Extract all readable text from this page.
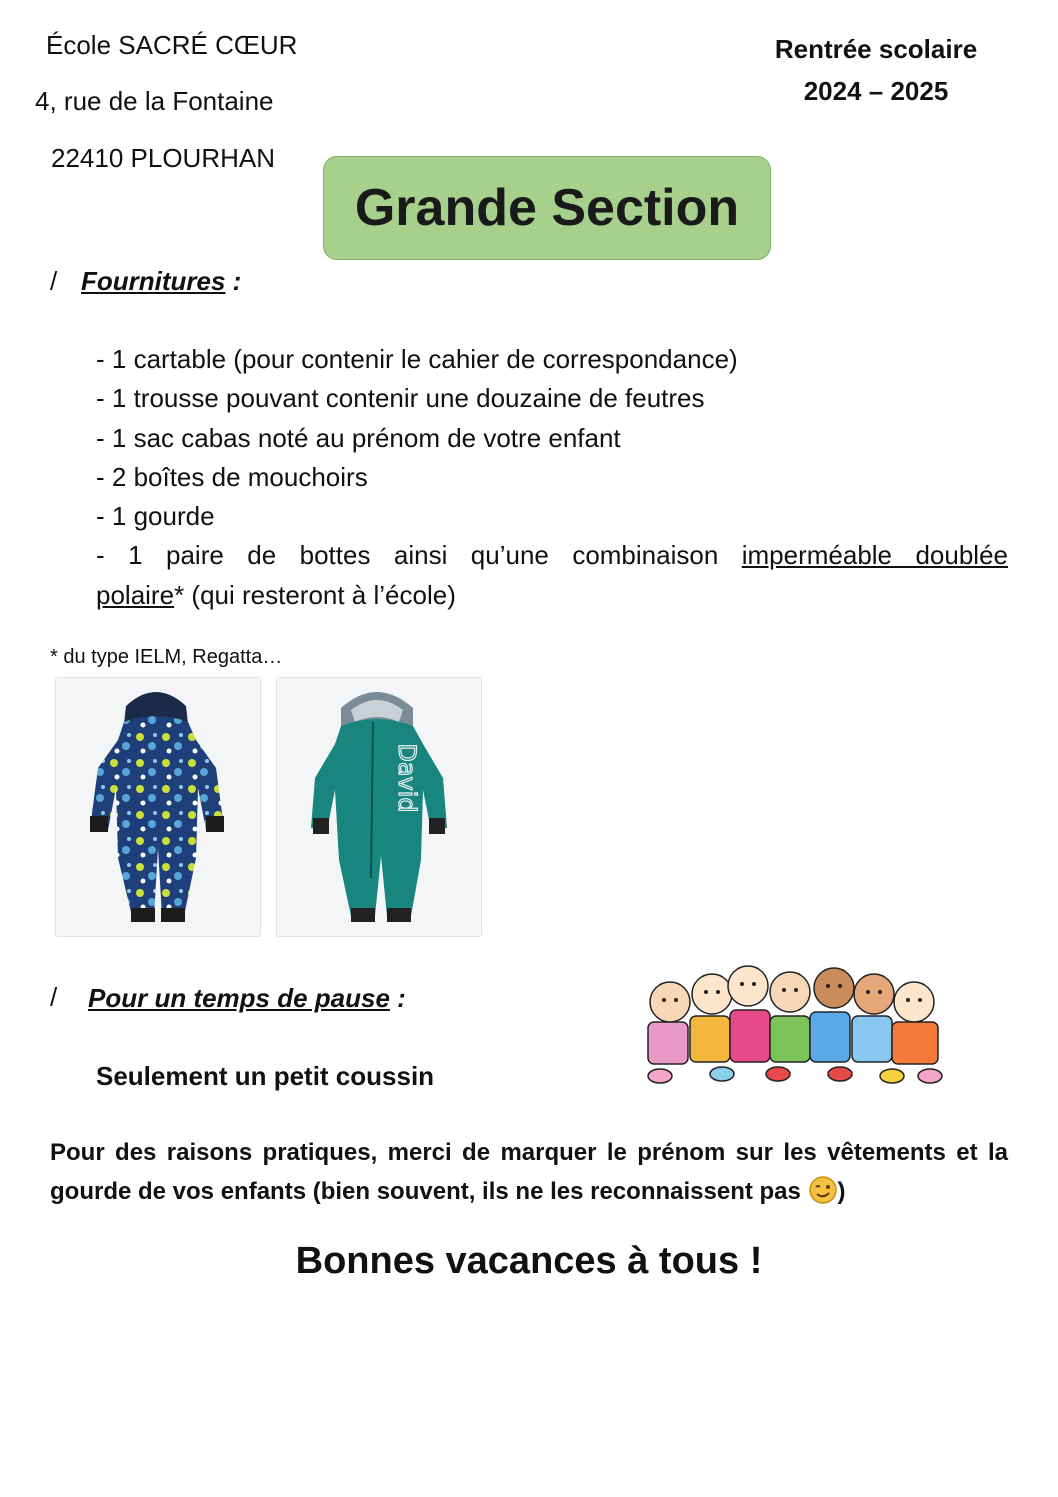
École SACRÉ CŒUR
4, rue de la Fontaine
22410 PLOURHAN
Rentrée scolaire
2024 – 2025
Grande Section
/ Fournitures :
- 1 cartable (pour contenir le cahier de correspondance)
- 1 trousse pouvant contenir une douzaine de feutres
- 1 sac cabas noté au prénom de votre enfant
- 2 boîtes de mouchoirs
- 1 gourde
- 1 paire de bottes ainsi qu’une combinaison imperméable doublée
polaire* (qui resteront à l’école)
* du type IELM, Regatta…
David
/ Pour un temps de pause :
Seulement un petit coussin
Pour des raisons pratiques, merci de marquer le prénom sur les vêtements et la
gourde de vos enfants (bien souvent, ils ne les reconnaissent pas )
Bonnes vacances à tous !
